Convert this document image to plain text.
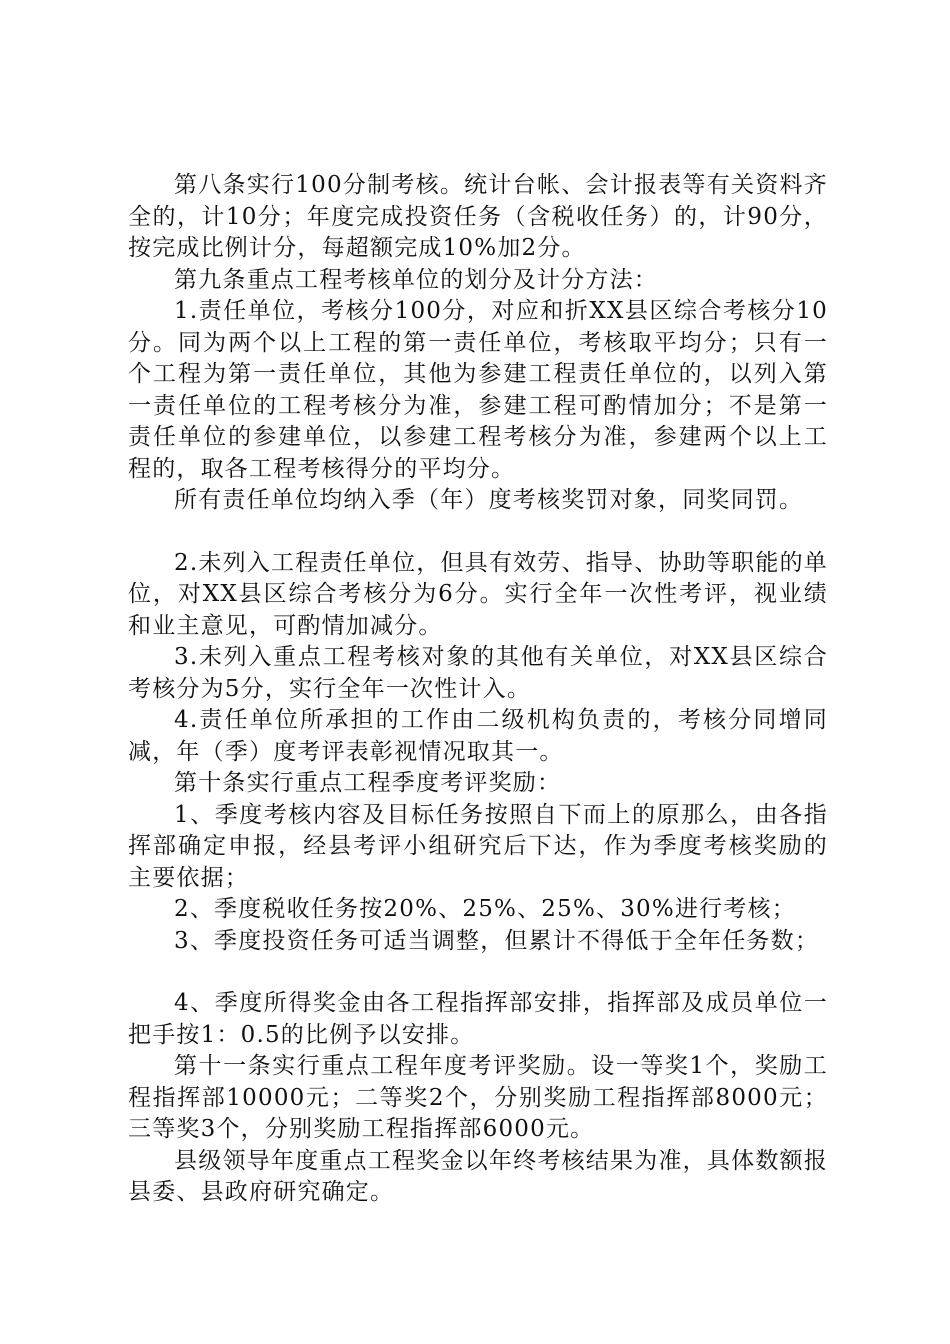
第八条实行100分制考核。统计台帐、会计报表等有关资料齐全的，计10分；年度完成投资任务（含税收任务）的，计90分，按完成比例计分，每超额完成10%加2分。

第九条重点工程考核单位的划分及计分方法：

1.责任单位，考核分100分，对应和折XX县区综合考核分10分。同为两个以上工程的第一责任单位，考核取平均分；只有一个工程为第一责任单位，其他为参建工程责任单位的，以列入第一责任单位的工程考核分为准，参建工程可酌情加分；不是第一责任单位的参建单位，以参建工程考核分为准，参建两个以上工程的，取各工程考核得分的平均分。

所有责任单位均纳入季（年）度考核奖罚对象，同奖同罚。

2.未列入工程责任单位，但具有效劳、指导、协助等职能的单位，对XX县区综合考核分为6分。实行全年一次性考评，视业绩和业主意见，可酌情加减分。

3.未列入重点工程考核对象的其他有关单位，对XX县区综合考核分为5分，实行全年一次性计入。

4.责任单位所承担的工作由二级机构负责的，考核分同增同减，年（季）度考评表彰视情况取其一。

第十条实行重点工程季度考评奖励：

1、季度考核内容及目标任务按照自下而上的原那么，由各指挥部确定申报，经县考评小组研究后下达，作为季度考核奖励的主要依据；

2、季度税收任务按20%、25%、25%、30%进行考核；

3、季度投资任务可适当调整，但累计不得低于全年任务数；

4、季度所得奖金由各工程指挥部安排，指挥部及成员单位一把手按1：0.5的比例予以安排。

第十一条实行重点工程年度考评奖励。设一等奖1个，奖励工程指挥部10000元；二等奖2个，分别奖励工程指挥部8000元；三等奖3个，分别奖励工程指挥部6000元。

县级领导年度重点工程奖金以年终考核结果为准，具体数额报县委、县政府研究确定。
